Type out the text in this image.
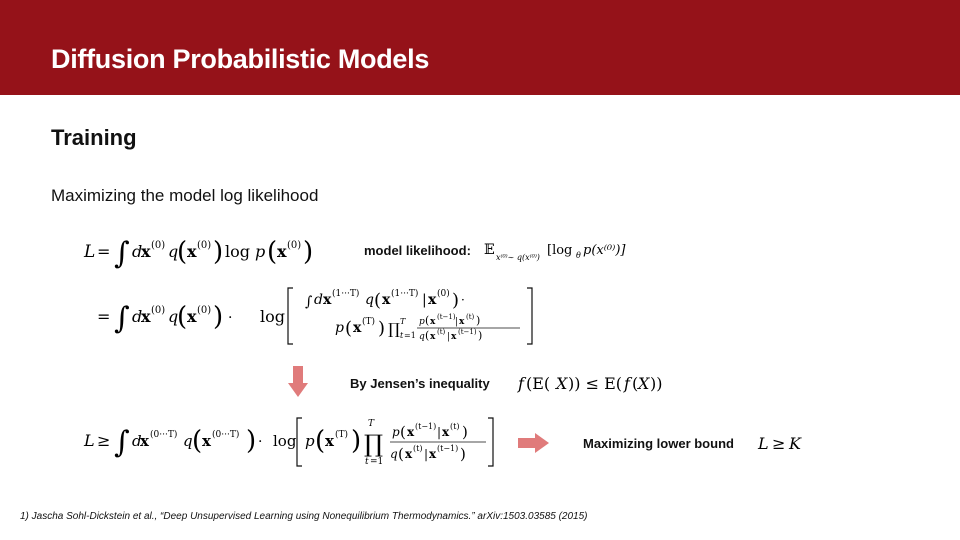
Diffusion Probabilistic Models
Training
Maximizing the model log likelihood
L = ∫ d
x (0) q
( x (0) ) log p ( x (0) )	model likelihood: 𝔼 x⁽⁰⁾∼ q(x⁽⁰⁾) [log θ p(x⁽⁰⁾)]
= ∫ d
x (0) q
( x (0) ) · log
∫ d x (1···T) q ( x (1···T) | x (0) ) ·
p ( x (T) ) ∏ t =1
T p ( x (t−1) | x (t) )
q ( x (t) | x (t−1) )
By Jensen’s inequality f (E( X )) ≤ E( f ( X ))
L ≥ ∫ d
x (0···T) q ( x (0···T) ) · log p ( x (T) ) ∏
T
t =1
p ( x (t−1) | x (t) )
q ( x (t) | x (t−1) )
Maximizing lower bound L ≥ K
1) Jascha Sohl-Dickstein et al., “Deep Unsupervised Learning using Nonequilibrium Thermodynamics.” arXiv:1503.03585 (2015)
